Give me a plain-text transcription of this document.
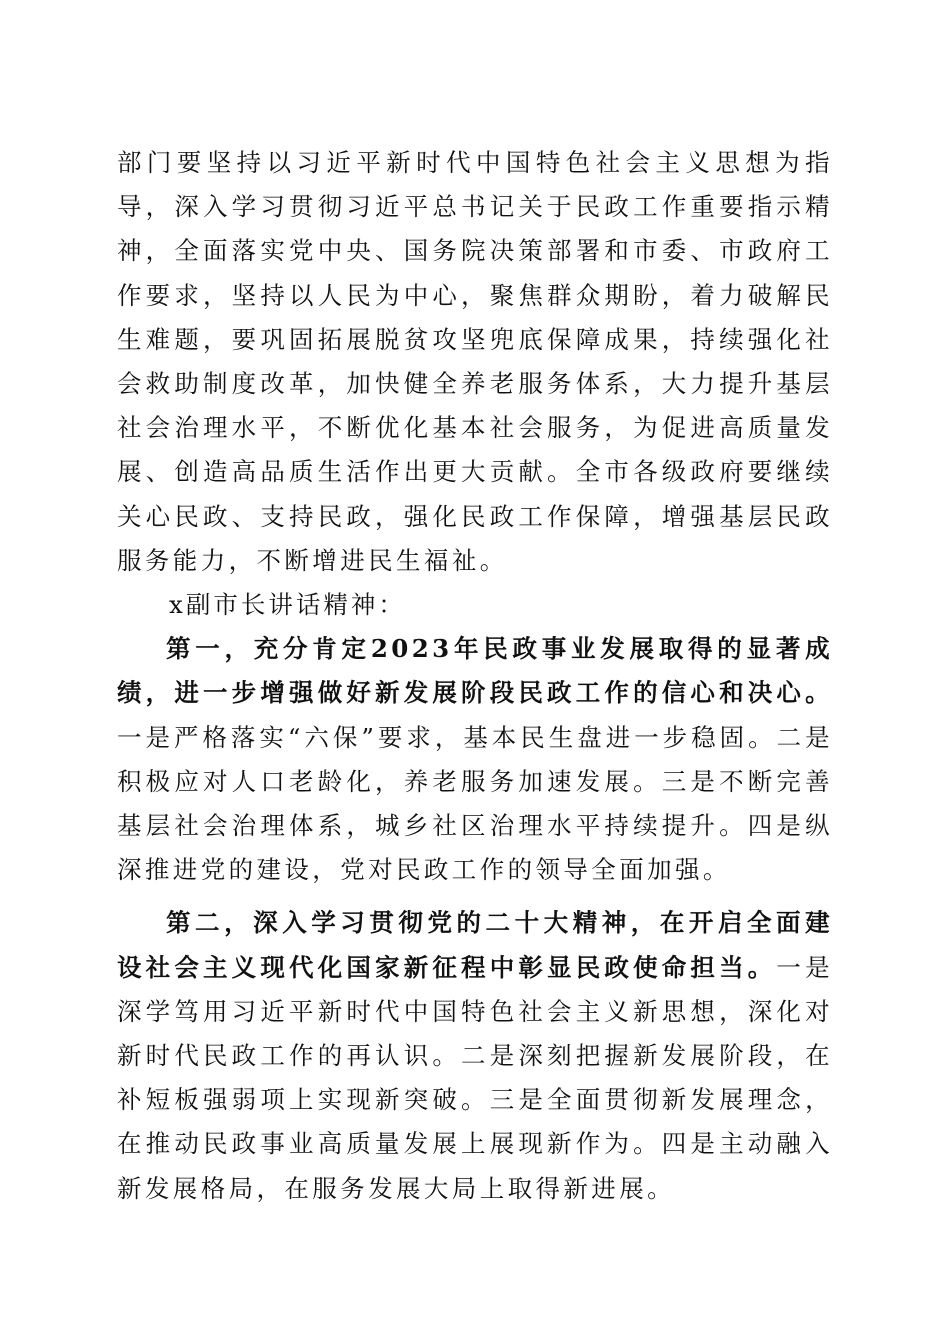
部门要坚持以习近平新时代中国特色社会主义思想为指导，深入学习贯彻习近平总书记关于民政工作重要指示精神，全面落实党中央、国务院决策部署和市委、市政府工作要求，坚持以人民为中心，聚焦群众期盼，着力破解民生难题，要巩固拓展脱贫攻坚兜底保障成果，持续强化社会救助制度改革，加快健全养老服务体系，大力提升基层社会治理水平，不断优化基本社会服务，为促进高质量发展、创造高品质生活作出更大贡献。全市各级政府要继续关心民政、支持民政，强化民政工作保障，增强基层民政服务能力，不断增进民生福祉。

x副市长讲话精神：

第一，充分肯定2023年民政事业发展取得的显著成绩，进一步增强做好新发展阶段民政工作的信心和决心。一是严格落实“六保”要求，基本民生盘进一步稳固。二是积极应对人口老龄化，养老服务加速发展。三是不断完善基层社会治理体系，城乡社区治理水平持续提升。四是纵深推进党的建设，党对民政工作的领导全面加强。

第二，深入学习贯彻党的二十大精神，在开启全面建设社会主义现代化国家新征程中彰显民政使命担当。一是深学笃用习近平新时代中国特色社会主义新思想，深化对新时代民政工作的再认识。二是深刻把握新发展阶段，在补短板强弱项上实现新突破。三是全面贯彻新发展理念，在推动民政事业高质量发展上展现新作为。四是主动融入新发展格局，在服务发展大局上取得新进展。
